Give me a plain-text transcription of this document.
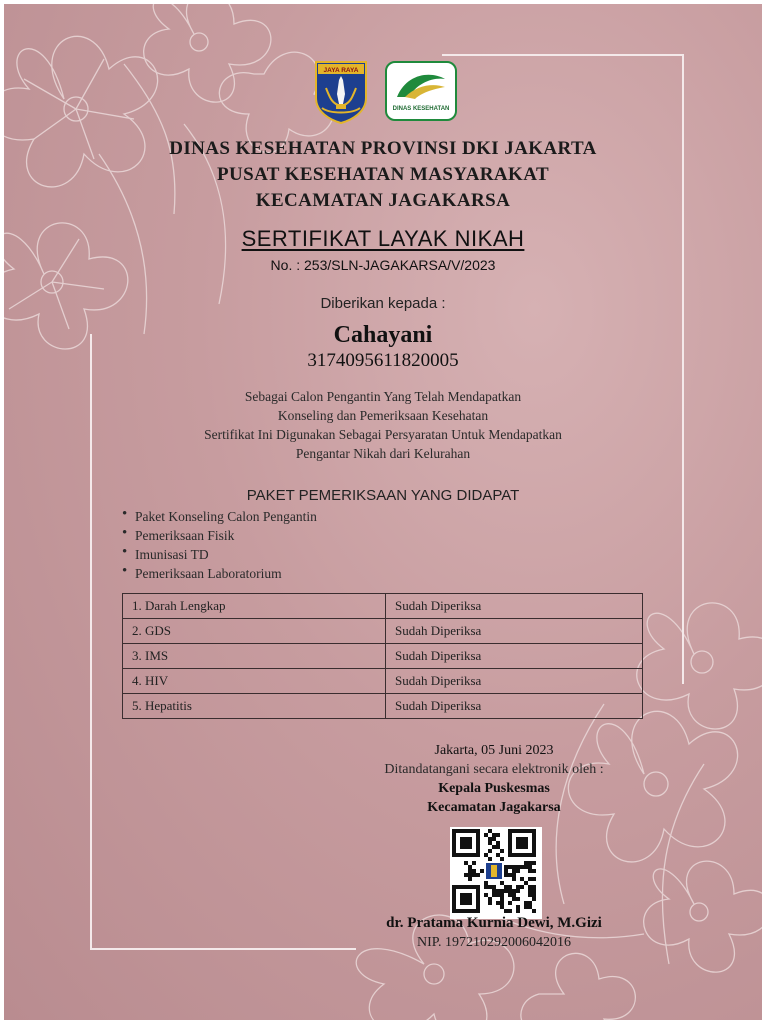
JAYA RAYA
DINAS KESEHATAN
DINAS KESEHATAN PROVINSI DKI JAKARTA
PUSAT KESEHATAN MASYARAKAT
KECAMATAN JAGAKARSA
SERTIFIKAT LAYAK NIKAH
No. : 253/SLN-JAGAKARSA/V/2023
Diberikan kepada :
Cahayani
3174095611820005
Sebagai Calon Pengantin Yang Telah Mendapatkan
Konseling dan Pemeriksaan Kesehatan
Sertifikat Ini Digunakan Sebagai Persyaratan Untuk Mendapatkan
Pengantar Nikah dari Kelurahan
PAKET PEMERIKSAAN YANG DIDAPAT
• Paket Konseling Calon Pengantin
• Pemeriksaan Fisik
• Imunisasi TD
• Pemeriksaan Laboratorium
1. Darah Lengkap	Sudah Diperiksa
2. GDS	Sudah Diperiksa
3. IMS	Sudah Diperiksa
4. HIV	Sudah Diperiksa
5. Hepatitis	Sudah Diperiksa
Jakarta, 05 Juni 2023
Ditandatangani secara elektronik oleh :
Kepala Puskesmas
Kecamatan Jagakarsa
dr. Pratama Kurnia Dewi, M.Gizi
NIP. 197210292006042016
